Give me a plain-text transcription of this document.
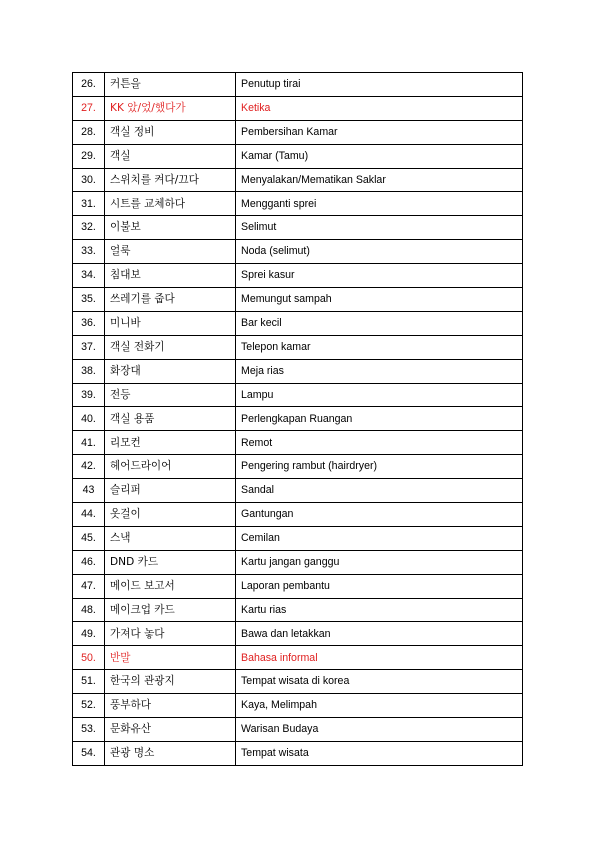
26.	커튼을	Penutup tirai
27.	KK 았/었/했다가	Ketika
28.	객실 정비	Pembersihan Kamar
29.	객실	Kamar (Tamu)
30.	스위치를 켜다/끄다	Menyalakan/Mematikan Saklar
31.	시트를 교체하다	Mengganti sprei
32.	이불보	Selimut
33.	얼룩	Noda (selimut)
34.	침대보	Sprei kasur
35.	쓰레기를 줍다	Memungut sampah
36.	미니바	Bar kecil
37.	객실 전화기	Telepon kamar
38.	화장대	Meja rias
39.	전등	Lampu
40.	객실 용품	Perlengkapan Ruangan
41.	리모컨	Remot
42.	헤어드라이어	Pengering rambut (hairdryer)
43	슬리퍼	Sandal
44.	옷걸이	Gantungan
45.	스낵	Cemilan
46.	DND 카드	Kartu jangan ganggu
47.	메이드 보고서	Laporan pembantu
48.	메이크업 카드	Kartu rias
49.	가져다 놓다	Bawa dan letakkan
50.	반말	Bahasa informal
51.	한국의 관광지	Tempat wisata di korea
52.	풍부하다	Kaya, Melimpah
53.	문화유산	Warisan Budaya
54.	관광 명소	Tempat wisata
